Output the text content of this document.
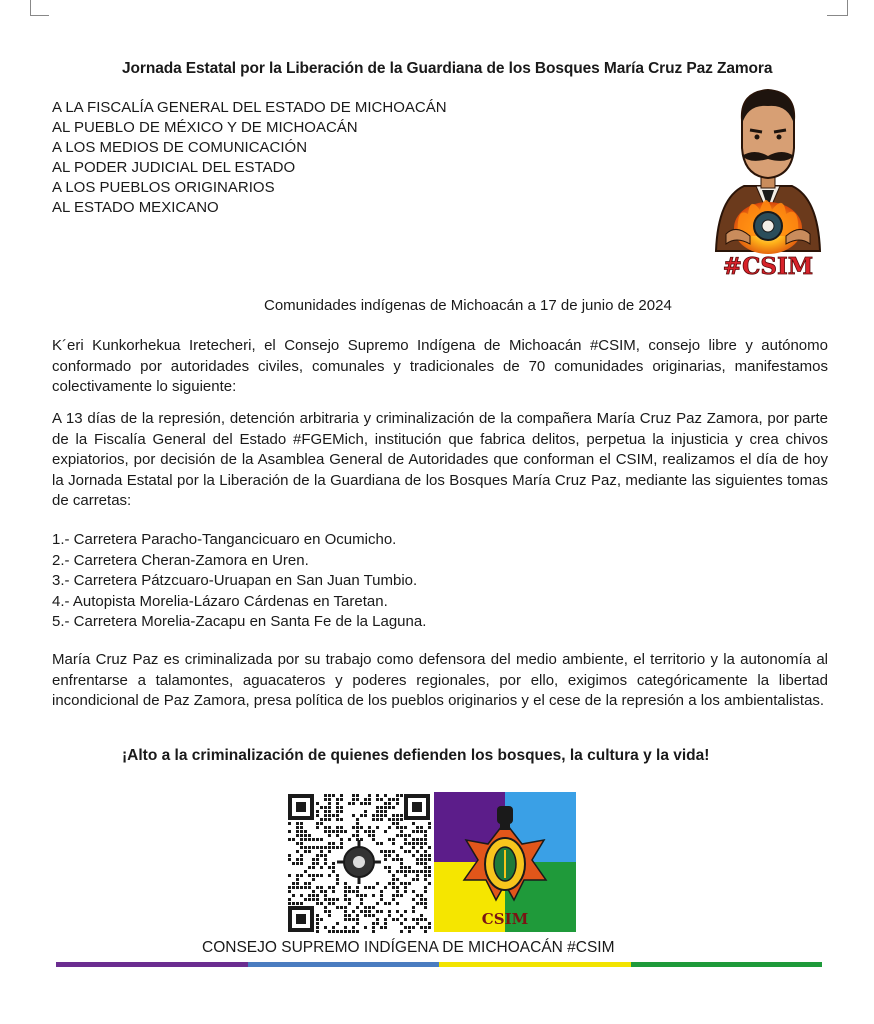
Jornada Estatal por la Liberación de la Guardiana de los Bosques María Cruz Paz Zamora
A LA FISCALÍA GENERAL DEL ESTADO DE MICHOACÁN
AL PUEBLO DE MÉXICO Y DE MICHOACÁN
A LOS MEDIOS DE COMUNICACIÓN
AL PODER JUDICIAL DEL ESTADO
A LOS PUEBLOS ORIGINARIOS
AL ESTADO MEXICANO
#CSIM
Comunidades indígenas de Michoacán a 17 de junio de 2024

K´eri Kunkorhekua Iretecheri, el Consejo Supremo Indígena de Michoacán #CSIM, consejo libre y autónomo conformado por autoridades civiles, comunales y tradicionales de 70 comunidades originarias, manifestamos colectivamente lo siguiente:

A 13 días de la represión, detención arbitraria y criminalización de la compañera María Cruz Paz Zamora, por parte de la Fiscalía General del Estado #FGEMich, institución que fabrica delitos, perpetua la injusticia y crea chivos expiatorios, por decisión de la Asamblea General de Autoridades que conforman el CSIM, realizamos el día de hoy la Jornada Estatal por la Liberación de la Guardiana de los Bosques María Cruz Paz, mediante las siguientes tomas de carretas:

1.- Carretera Paracho-Tangancicuaro en Ocumicho.
2.- Carretera Cheran-Zamora en Uren.
3.- Carretera Pátzcuaro-Uruapan en San Juan Tumbio.
4.- Autopista Morelia-Lázaro Cárdenas en Taretan.
5.- Carretera Morelia-Zacapu en Santa Fe de la Laguna.

María Cruz Paz es criminalizada por su trabajo como defensora del medio ambiente, el territorio y la autonomía al enfrentarse a talamontes, aguacateros y poderes regionales, por ello, exigimos categóricamente la libertad incondicional de Paz Zamora, presa política de los pueblos originarios y el cese de la represión a los ambientalistas.

¡Alto a la criminalización de quienes defienden los bosques, la cultura y la vida!
CSIM
CONSEJO SUPREMO INDÍGENA DE MICHOACÁN #CSIM
